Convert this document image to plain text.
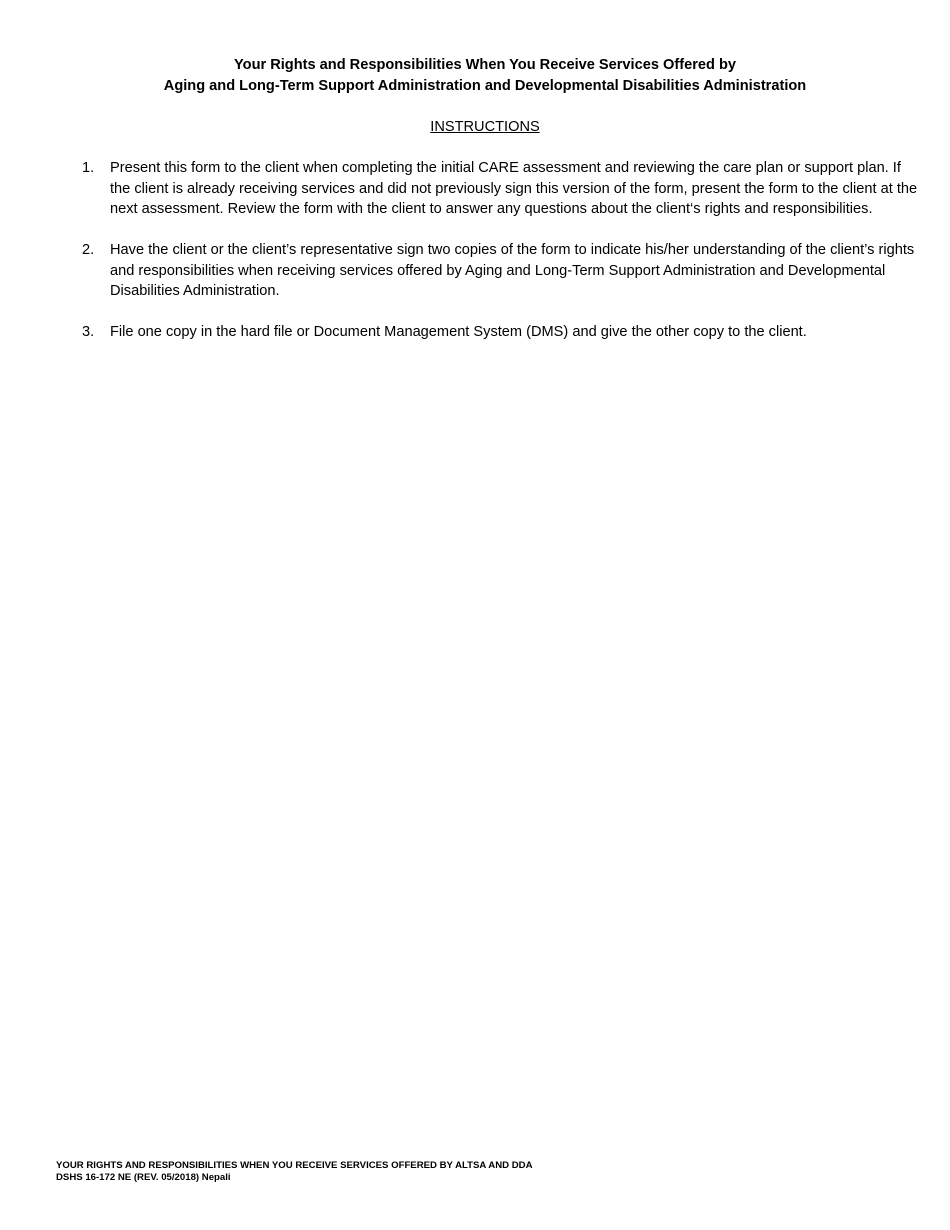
Your Rights and Responsibilities When You Receive Services Offered by
Aging and Long-Term Support Administration and Developmental Disabilities Administration
INSTRUCTIONS
1. Present this form to the client when completing the initial CARE assessment and reviewing the care plan or support plan. If the client is already receiving services and did not previously sign this version of the form, present the form to the client at the next assessment. Review the form with the client to answer any questions about the client‘s rights and responsibilities.
2. Have the client or the client’s representative sign two copies of the form to indicate his/her understanding of the client’s rights and responsibilities when receiving services offered by Aging and Long-Term Support Administration and Developmental Disabilities Administration.
3. File one copy in the hard file or Document Management System (DMS) and give the other copy to the client.
YOUR RIGHTS AND RESPONSIBILITIES WHEN YOU RECEIVE SERVICES OFFERED BY ALTSA AND DDA
DSHS 16-172 NE (REV. 05/2018) Nepali
